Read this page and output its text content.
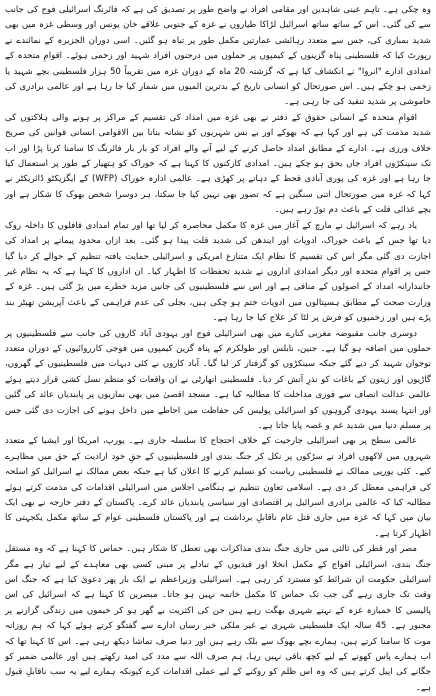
وہ چکی ہے۔ تاہم عینی شاہدین اور مقامی افراد نے واضح طور پر تصدیق کی ہے کہ فائرنگ اسرائیلی فوج کی جانب سے کی گئی۔ اس کے ساتھ ساتھ اسرائیل لڑاکا طیاروں نے غزہ کے جنوبی علاقے خان یونس اور وسطی غزہ میں بھی شدید بمباری کی، جس سے متعدد رہائشی عمارتیں مکمل طور پر تباہ ہو گئیں۔ اسی دوران الجزیرہ کے نمائندے نے رپورٹ کیا کہ فلسطینی پناہ گزینوں کے کیمپوں پر حملوں میں درجنوں افراد شہید اور زخمی ہوئے۔ اقوامِ متحدہ کے امدادی ادارے "انروا" نے انکشاف کیا ہے کہ گزشتہ 20 ماہ کے دوران غزہ میں تقریباً 50 ہزار فلسطینی بچے شہید یا زخمی ہو چکے ہیں۔ اس صورتحال کو انسانی تاریخ کے بدترین المیوں میں شمار کیا جا رہا ہے اور عالمی برادری کی خاموشی پر شدید تنقید کی جا رہی ہے۔

اقوامِ متحدہ کے انسانی حقوق کے دفتر نے بھی غزہ میں امداد کی تقسیم کے مراکز پر ہونے والی ہلاکتوں کی شدید مذمت کی ہے اور کہا ہے کہ بھوکے اور بے بس شہریوں کو نشانہ بنانا بین الاقوامی انسانی قوانین کی صریح خلاف ورزی ہے۔ ادارے کے مطابق امداد حاصل کرنے کے لیے آنے والے افراد کو بار بار فائرنگ کا سامنا کرنا پڑا اور اب تک سینکڑوں افراد جاں بحق ہو چکے ہیں۔ امدادی کارکنوں کا کہنا ہے کہ خوراک کو ہتھیار کے طور پر استعمال کیا جا رہا ہے اور غزہ کی پوری آبادی قحط کے دہانے پر کھڑی ہے۔ عالمی ادارہ خوراک (WFP) کے ایگزیکٹو ڈائریکٹر نے کہا کہ غزہ میں صورتحال اتنی سنگین ہے کہ تصور بھی نہیں کیا جا سکتا، ہر دوسرا شخص بھوک کا شکار ہے اور بچے غذائی قلت کے باعث دم توڑ رہے ہیں۔

یاد رہے کہ اسرائیل نے مارچ کے آغاز میں غزہ کا مکمل محاصرہ کر لیا تھا اور تمام امدادی قافلوں کا داخلہ روک دیا تھا جس کے باعث خوراک، ادویات اور ایندھن کی شدید قلت پیدا ہو گئی۔ بعد ازاں محدود پیمانے پر امداد کی اجازت دی گئی مگر اس کی تقسیم کا نظام ایک متنازع امریکی و اسرائیلی حمایت یافتہ تنظیم کے حوالے کر دیا گیا جس پر اقوامِ متحدہ اور دیگر امدادی اداروں نے شدید تحفظات کا اظہار کیا۔ ان اداروں کا کہنا ہے کہ یہ نظام غیر جانبدارانہ امداد کے اصولوں کے منافی ہے اور اس سے فلسطینیوں کی جانیں مزید خطرے میں پڑ گئی ہیں۔ غزہ کے وزارت صحت کے مطابق ہسپتالوں میں ادویات ختم ہو چکی ہیں، بجلی کی عدم فراہمی کے باعث آپریشن تھیٹر بند پڑے ہیں اور زخمیوں کو فرش پر لٹا کر علاج کیا جا رہا ہے۔

دوسری جانب مقبوضہ مغربی کنارے میں بھی اسرائیلی فوج اور یہودی آباد کاروں کی جانب سے فلسطینیوں پر حملوں میں اضافہ ہو گیا ہے۔ جنین، نابلس اور طولکرم کے پناہ گزین کیمپوں میں فوجی کارروائیوں کے دوران متعدد نوجوان شہید کر دیے گئے جبکہ سینکڑوں کو گرفتار کر لیا گیا۔ آباد کاروں نے کئی دیہات میں فلسطینیوں کے گھروں، گاڑیوں اور زیتون کے باغات کو نذرِ آتش کر دیا۔ فلسطینی اتھارٹی نے ان واقعات کو منظم نسل کشی قرار دیتے ہوئے عالمی عدالت انصاف سے فوری مداخلت کا مطالبہ کیا ہے۔ مسجد اقصیٰ میں بھی نمازیوں پر پابندیاں عائد کی گئیں اور انتہا پسند یہودی گروہوں کو اسرائیلی پولیس کی حفاظت میں احاطے میں داخل ہونے کی اجازت دی گئی جس پر مسلم دنیا میں شدید غم و غصہ پایا جاتا ہے۔

عالمی سطح پر بھی اسرائیلی جارحیت کے خلاف احتجاج کا سلسلہ جاری ہے۔ یورپ، امریکا اور ایشیا کے متعدد شہروں میں لاکھوں افراد نے سڑکوں پر نکل کر جنگ بندی اور فلسطینیوں کے حقِ خود ارادیت کے حق میں مظاہرے کیے۔ کئی یورپی ممالک نے فلسطینی ریاست کو تسلیم کرنے کا اعلان کیا ہے جبکہ بعض ممالک نے اسرائیل کو اسلحہ کی فراہمی معطل کر دی ہے۔ اسلامی تعاون تنظیم نے ہنگامی اجلاس میں اسرائیلی اقدامات کی مذمت کرتے ہوئے مطالبہ کیا کہ عالمی برادری اسرائیل پر اقتصادی اور سیاسی پابندیاں عائد کرے۔ پاکستان کے دفتر خارجہ نے بھی ایک بیان میں کہا کہ غزہ میں جاری قتل عام ناقابلِ برداشت ہے اور پاکستان فلسطینی عوام کے ساتھ مکمل یکجہتی کا اظہار کرتا ہے۔

مصر اور قطر کی ثالثی میں جاری جنگ بندی مذاکرات بھی تعطل کا شکار ہیں۔ حماس کا کہنا ہے کہ وہ مستقل جنگ بندی، اسرائیلی افواج کے مکمل انخلا اور قیدیوں کے تبادلے پر مبنی کسی بھی معاہدے کے لیے تیار ہے مگر اسرائیلی حکومت ان شرائط کو مسترد کر رہی ہے۔ اسرائیلی وزیراعظم نے ایک بار پھر دعویٰ کیا ہے کہ جنگ اس وقت تک جاری رہے گی جب تک حماس کا مکمل خاتمہ نہیں ہو جاتا۔ مبصرین کا کہنا ہے کہ اسرائیل کی اس پالیسی کا خمیازہ غزہ کے نہتے شہری بھگت رہے ہیں جن کی اکثریت بے گھر ہو کر خیموں میں زندگی گزارنے پر مجبور ہے۔ 45 سالہ ایک فلسطینی شہری نے غیر ملکی خبر رساں ادارے سے گفتگو کرتے ہوئے کہا کہ ہم روزانہ موت کا سامنا کرتے ہیں، ہمارے بچے بھوک سے بلک رہے ہیں اور دنیا صرف تماشا دیکھ رہی ہے۔ اس کا کہنا تھا کہ اب ہمارے پاس کھونے کے لیے کچھ باقی نہیں رہا، ہم صرف اللہ سے مدد کی امید رکھتے ہیں اور عالمی ضمیر کو جگانے کی اپیل کرتے ہیں کہ وہ اس ظلم کو روکنے کے لیے عملی اقدامات کرے کیونکہ ہمارے لیے یہ سب ناقابلِ قبول ہے۔
